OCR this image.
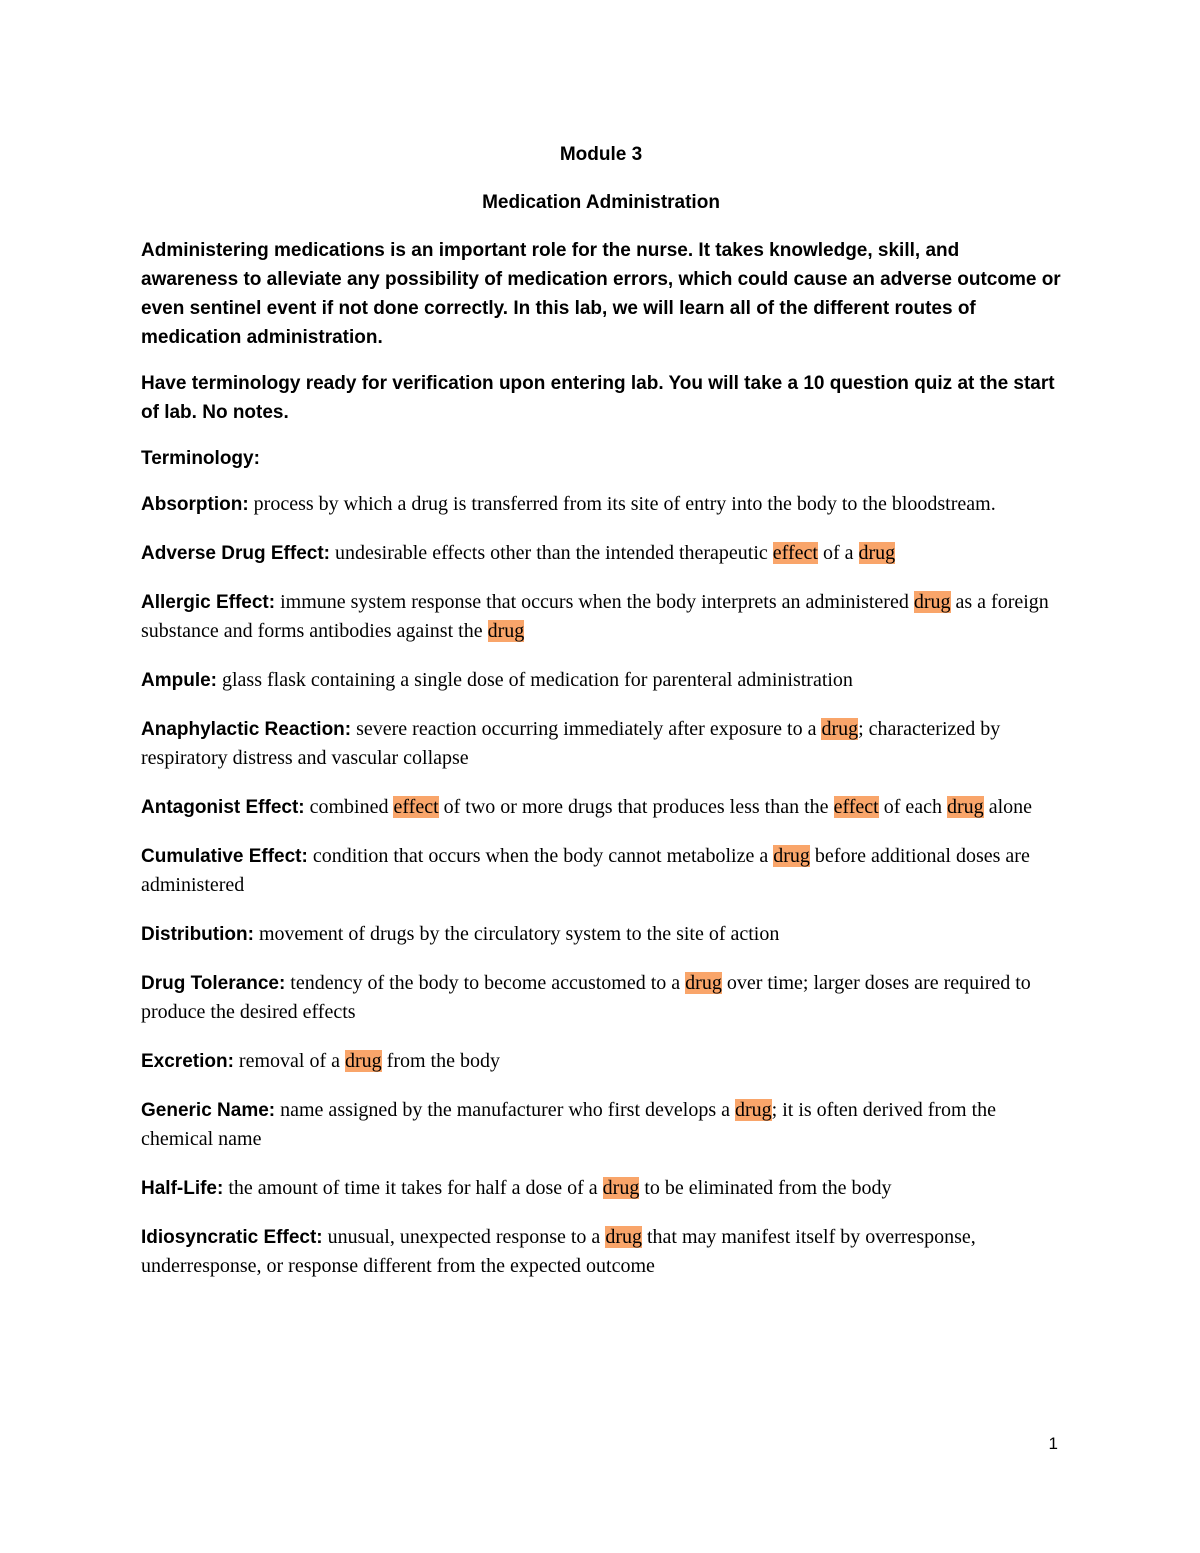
Module 3

Medication Administration

Administering medications is an important role for the nurse. It takes knowledge, skill, and awareness to alleviate any possibility of medication errors, which could cause an adverse outcome or even sentinel event if not done correctly. In this lab, we will learn all of the different routes of medication administration.

Have terminology ready for verification upon entering lab. You will take a 10 question quiz at the start of lab. No notes.

Terminology:

Absorption: process by which a drug is transferred from its site of entry into the body to the bloodstream.

Adverse Drug Effect: undesirable effects other than the intended therapeutic effect of a drug

Allergic Effect: immune system response that occurs when the body interprets an administered drug as a foreign substance and forms antibodies against the drug

Ampule: glass flask containing a single dose of medication for parenteral administration

Anaphylactic Reaction: severe reaction occurring immediately after exposure to a drug; characterized by respiratory distress and vascular collapse

Antagonist Effect: combined effect of two or more drugs that produces less than the effect of each drug alone

Cumulative Effect: condition that occurs when the body cannot metabolize a drug before additional doses are administered

Distribution: movement of drugs by the circulatory system to the site of action

Drug Tolerance: tendency of the body to become accustomed to a drug over time; larger doses are required to produce the desired effects

Excretion: removal of a drug from the body

Generic Name: name assigned by the manufacturer who first develops a drug; it is often derived from the chemical name

Half-Life: the amount of time it takes for half a dose of a drug to be eliminated from the body

Idiosyncratic Effect: unusual, unexpected response to a drug that may manifest itself by overresponse, underresponse, or response different from the expected outcome

1
